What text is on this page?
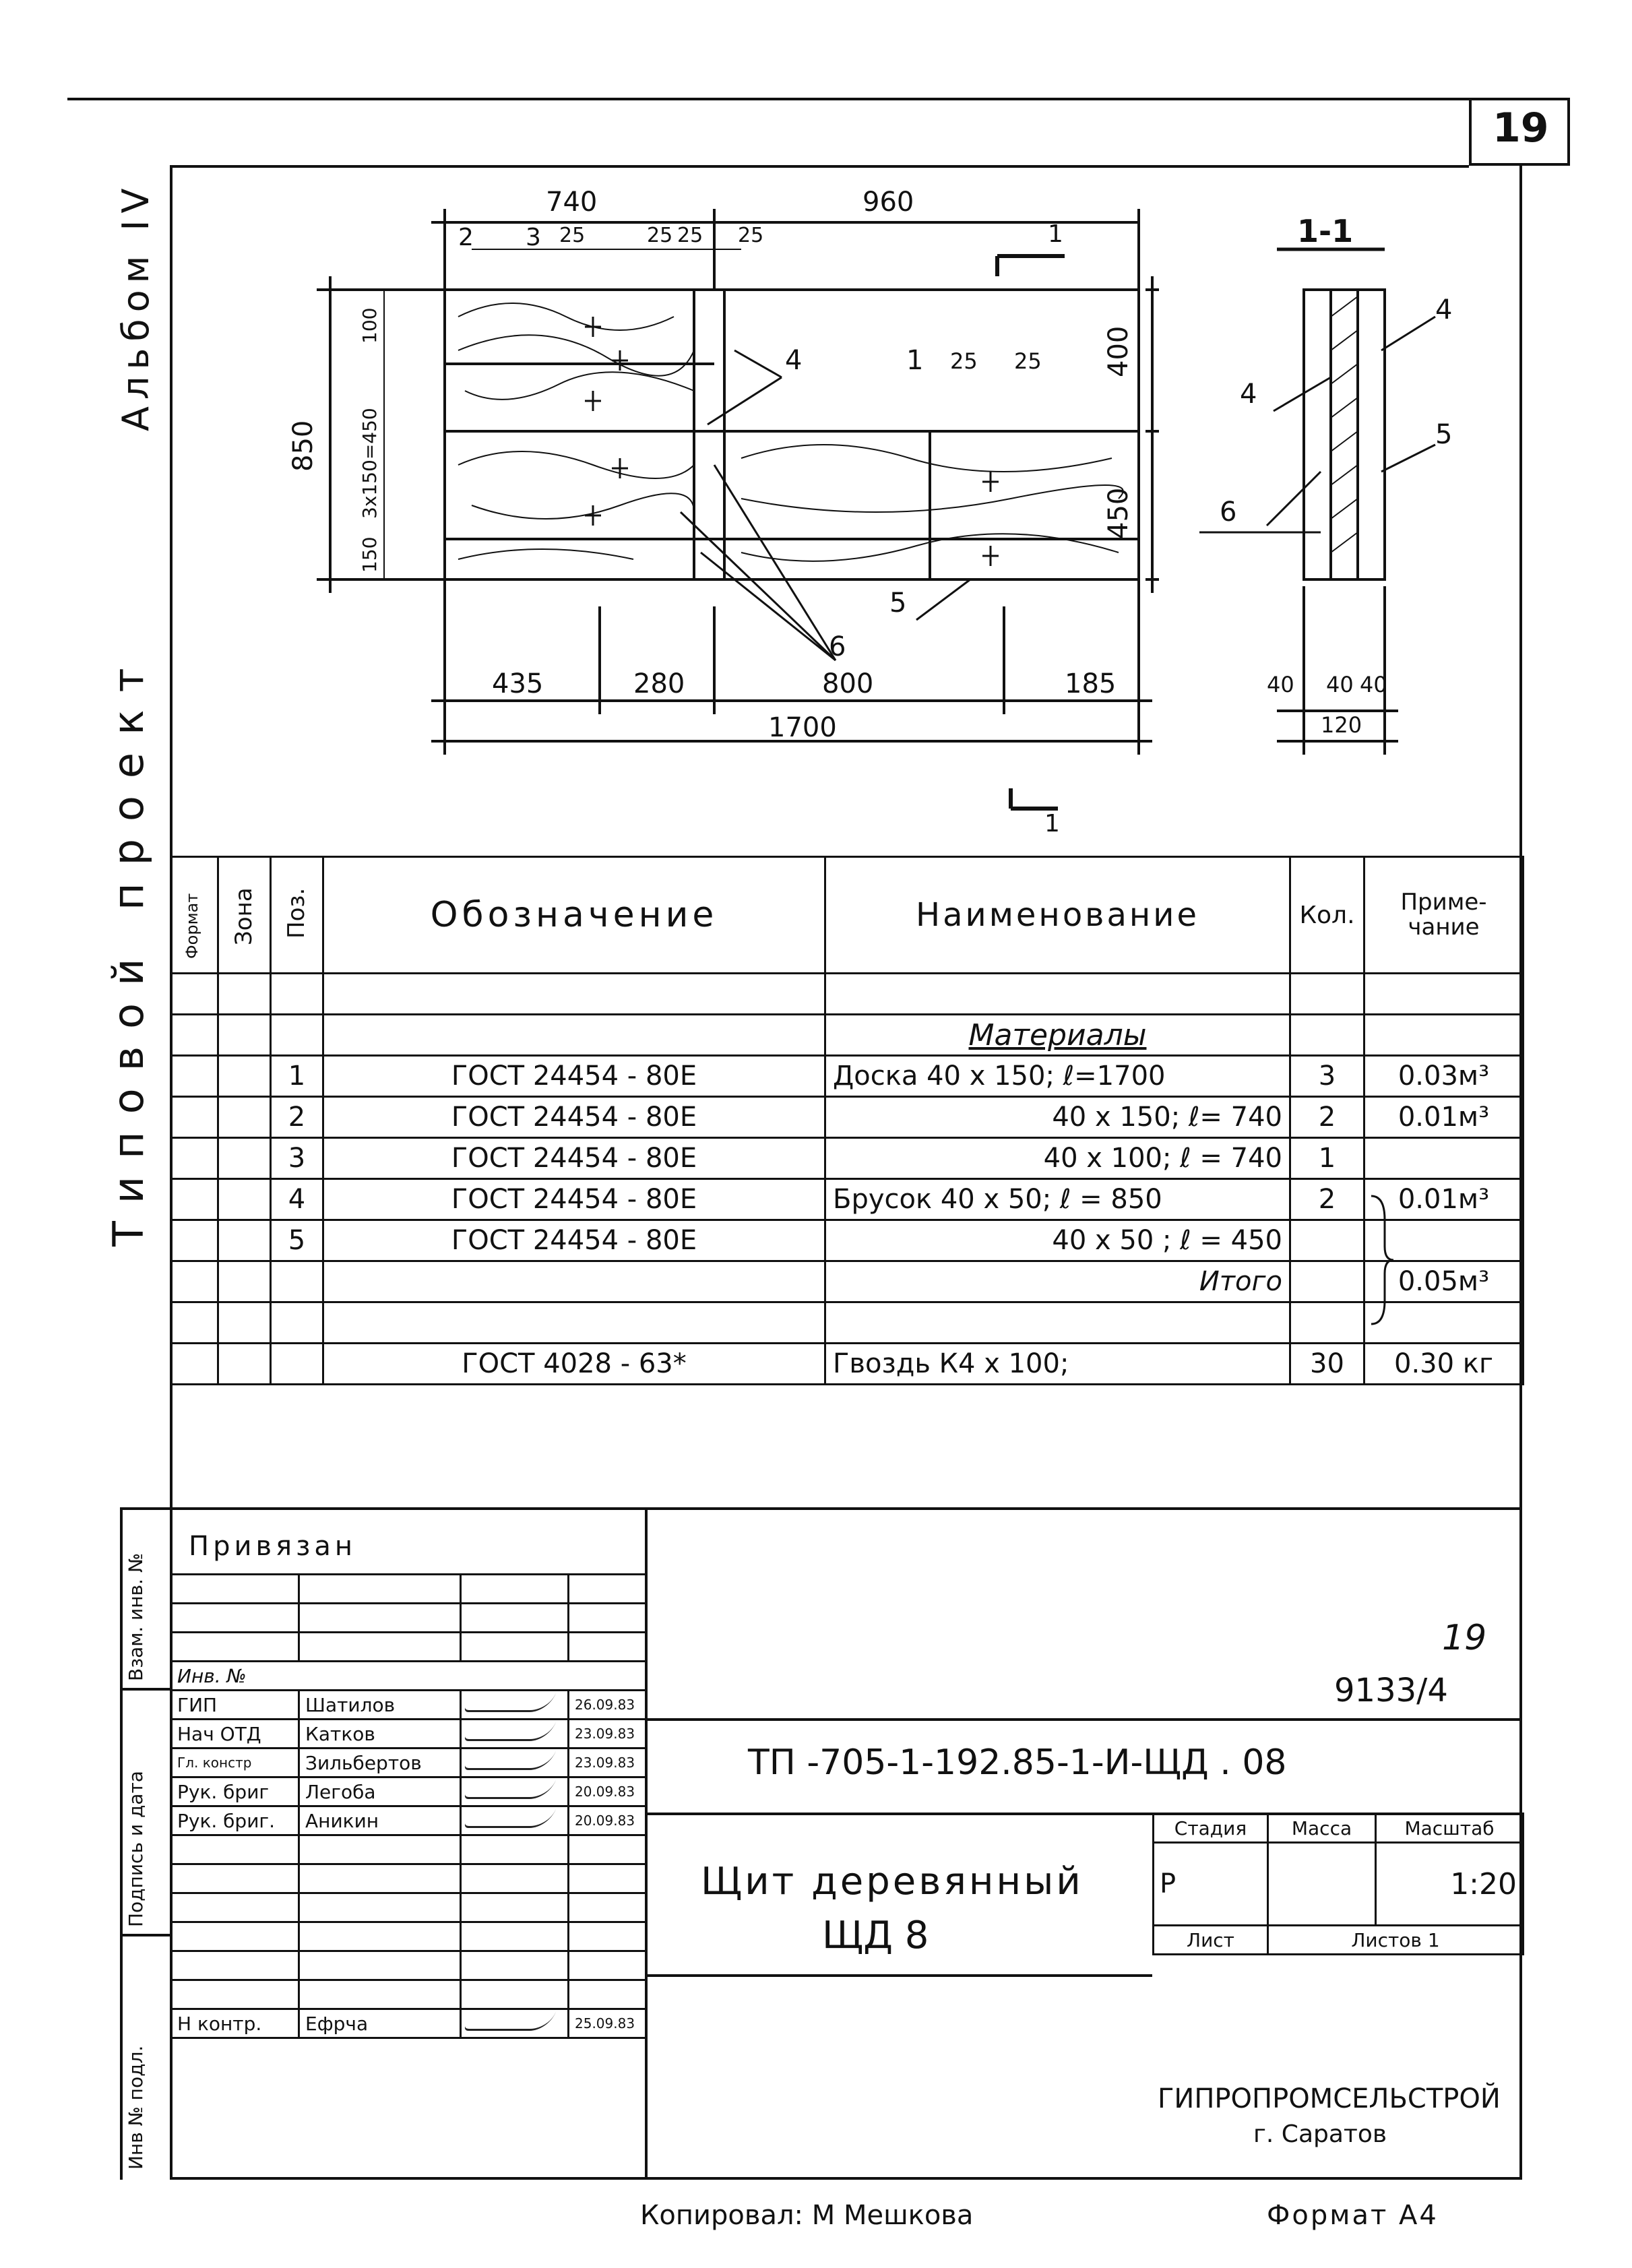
19
Альбом IV
Типовой проект
Взам. инв. №
Подпись и дата
Инв № подл.
740	960
2 3 25	25 25 25
850
100
3x150=450
150
400
450
435	280	800	185
1700
4	1 25 25
5
6
1
1
1-1
4
4
5
6
40 40 40
120
Формат	Зона	Поз.	Обозначение	Наименование	Кол.	Приме-
чание

				Материалы		
		1	ГОСТ 24454 - 80Е	Доска 40 x 150; ℓ=1700	3	0.03м³
		2	ГОСТ 24454 - 80Е	40 x 150; ℓ= 740	2	0.01м³
		3	ГОСТ 24454 - 80Е	40 x 100; ℓ = 740	1	
		4	ГОСТ 24454 - 80Е	Брусок 40 x 50; ℓ = 850	2	0.01м³
		5	ГОСТ 24454 - 80Е	40 x 50 ; ℓ = 450		
				Итого		0.05м³

			ГОСТ 4028 - 63*	Гвоздь К4 x 100;	30	0.30 кг
Привязан

Инв. №			
ГИП	Шатилов		26.09.83
Нач ОТД	Катков		23.09.83
Гл. констр	Зильбертов		23.09.83
Рук. бриг	Легоба		20.09.83
Рук. бриг.	Аникин		20.09.83

Н контр.	Ефрча		25.09.83
19
9133/4
ТП -705-1-192.85-1-И-ЩД . 08
Щит деревянный
ЩД 8
Стадия	Масса	Масштаб
Р		1:20
Лист	Листов 1	
ГИПРОПРОМСЕЛЬСТРОЙ
г. Саратов
Копировал: М Мешкова	Формат А4
